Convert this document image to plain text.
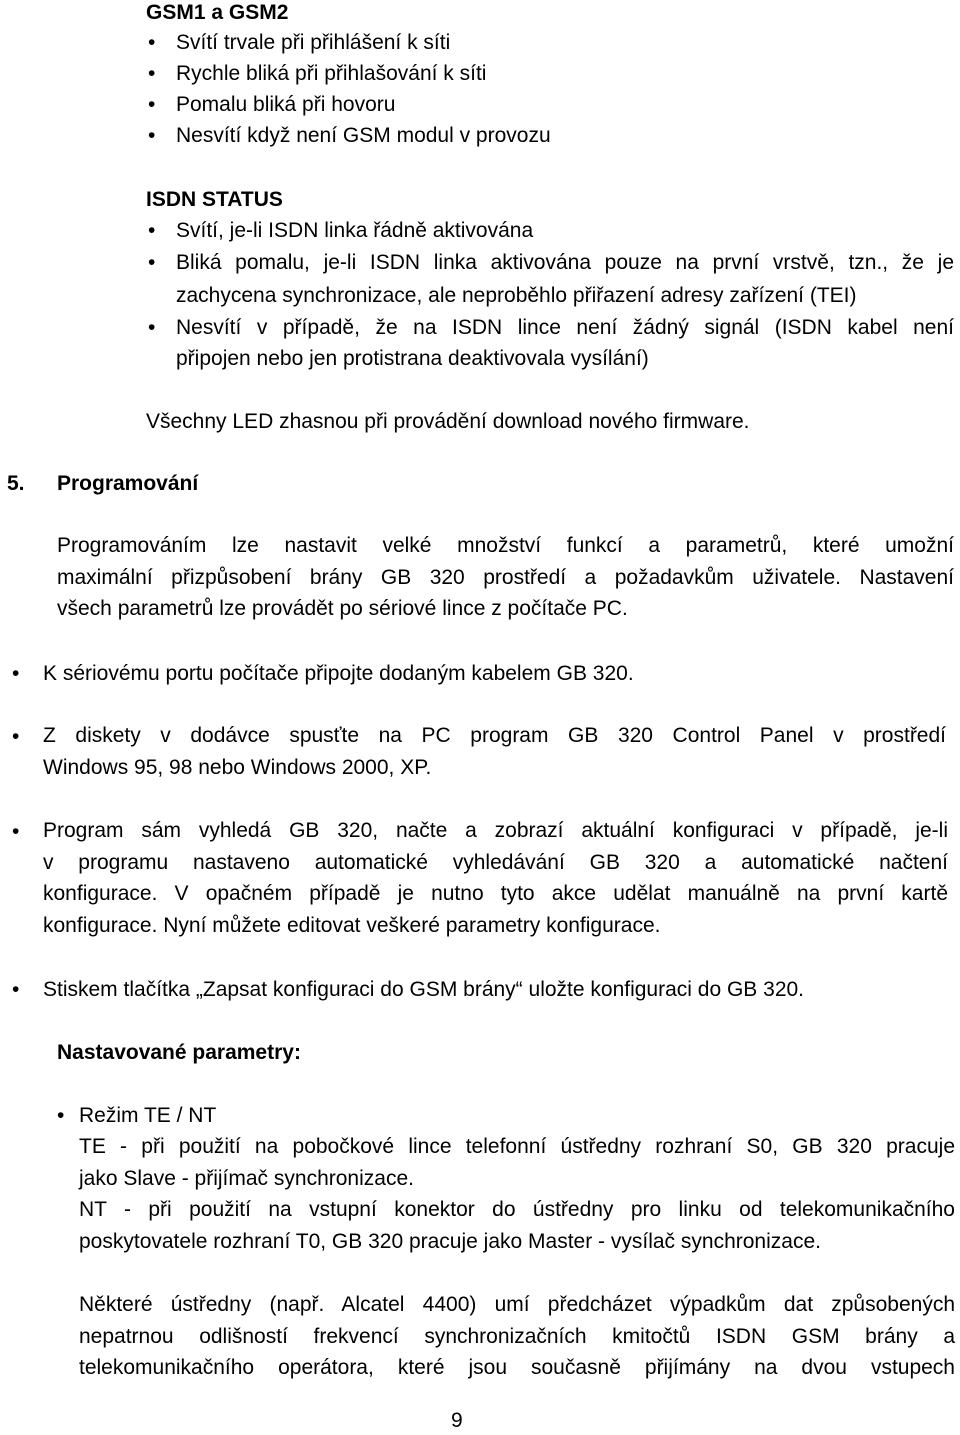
GSM1 a GSM2
• Svítí trvale při přihlášení k síti
• Rychle bliká při přihlašování k síti
• Pomalu bliká při hovoru
• Nesvítí když není GSM modul v provozu
ISDN STATUS
• Svítí, je-li ISDN linka řádně aktivována
• Bliká pomalu, je-li ISDN linka aktivována pouze na první vrstvě, tzn., že je
zachycena synchronizace, ale neproběhlo přiřazení adresy zařízení (TEI)
• Nesvítí v případě, že na ISDN lince není žádný signál (ISDN kabel není
připojen nebo jen protistrana deaktivovala vysílání)
Všechny LED zhasnou při provádění download nového firmware.
5. Programování
Programováním lze nastavit velké množství funkcí a parametrů, které umožní
maximální přizpůsobení brány GB 320 prostředí a požadavkům uživatele. Nastavení
všech parametrů lze provádět po sériové lince z počítače PC.
• K sériovému portu počítače připojte dodaným kabelem GB 320.
• Z diskety v dodávce spusťte na PC program GB 320 Control Panel v prostředí
Windows 95, 98 nebo Windows 2000, XP.
• Program sám vyhledá GB 320, načte a zobrazí aktuální konfiguraci v případě, je-li
v programu nastaveno automatické vyhledávání GB 320 a automatické načtení
konfigurace. V opačném případě je nutno tyto akce udělat manuálně na první kartě
konfigurace. Nyní můžete editovat veškeré parametry konfigurace.
• Stiskem tlačítka „Zapsat konfiguraci do GSM brány“ uložte konfiguraci do GB 320.
Nastavované parametry:
• Režim TE / NT
TE - při použití na pobočkové lince telefonní ústředny rozhraní S0, GB 320 pracuje
jako Slave - přijímač synchronizace.
NT - při použití na vstupní konektor do ústředny pro linku od telekomunikačního
poskytovatele rozhraní T0, GB 320 pracuje jako Master - vysílač synchronizace.
Některé ústředny (např. Alcatel 4400) umí předcházet výpadkům dat způsobených
nepatrnou odlišností frekvencí synchronizačních kmitočtů ISDN GSM brány a
telekomunikačního operátora, které jsou současně přijímány na dvou vstupech
9
